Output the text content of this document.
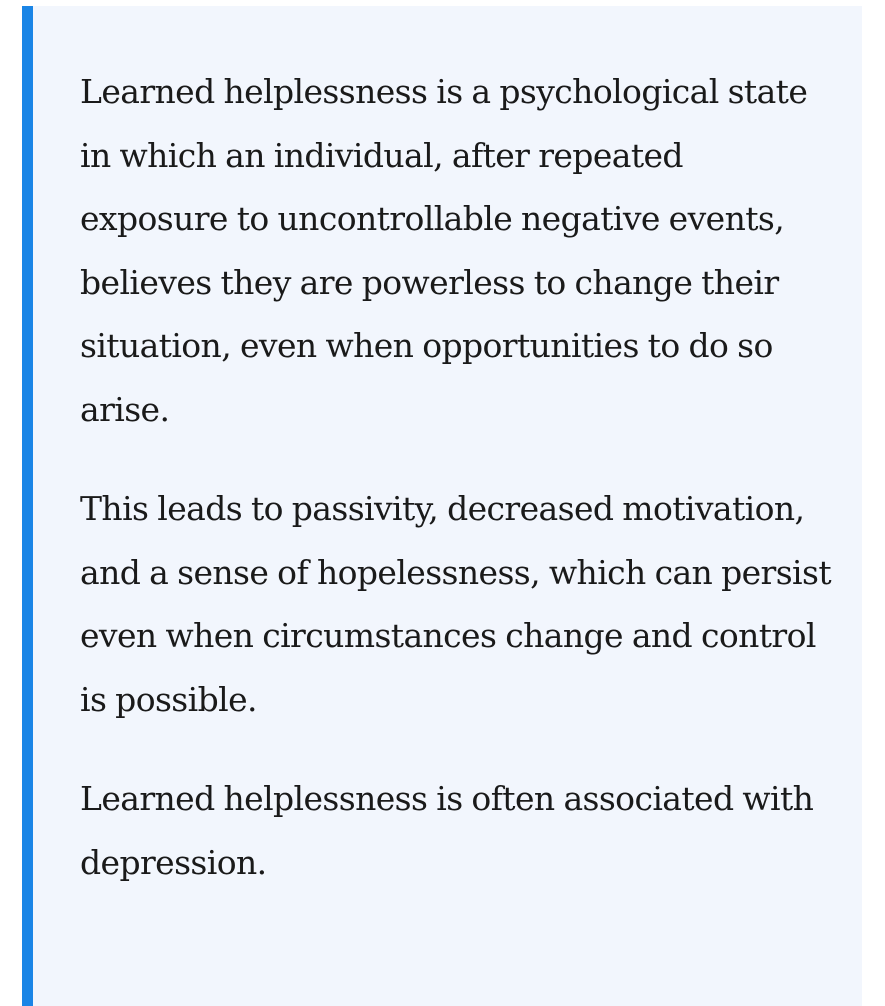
Learned helplessness is a psychological state in which an individual, after repeated exposure to uncontrollable negative events, believes they are powerless to change their situation, even when opportunities to do so arise.

This leads to passivity, decreased motivation, and a sense of hopelessness, which can persist even when circumstances change and control is possible.

Learned helplessness is often associated with depression.
